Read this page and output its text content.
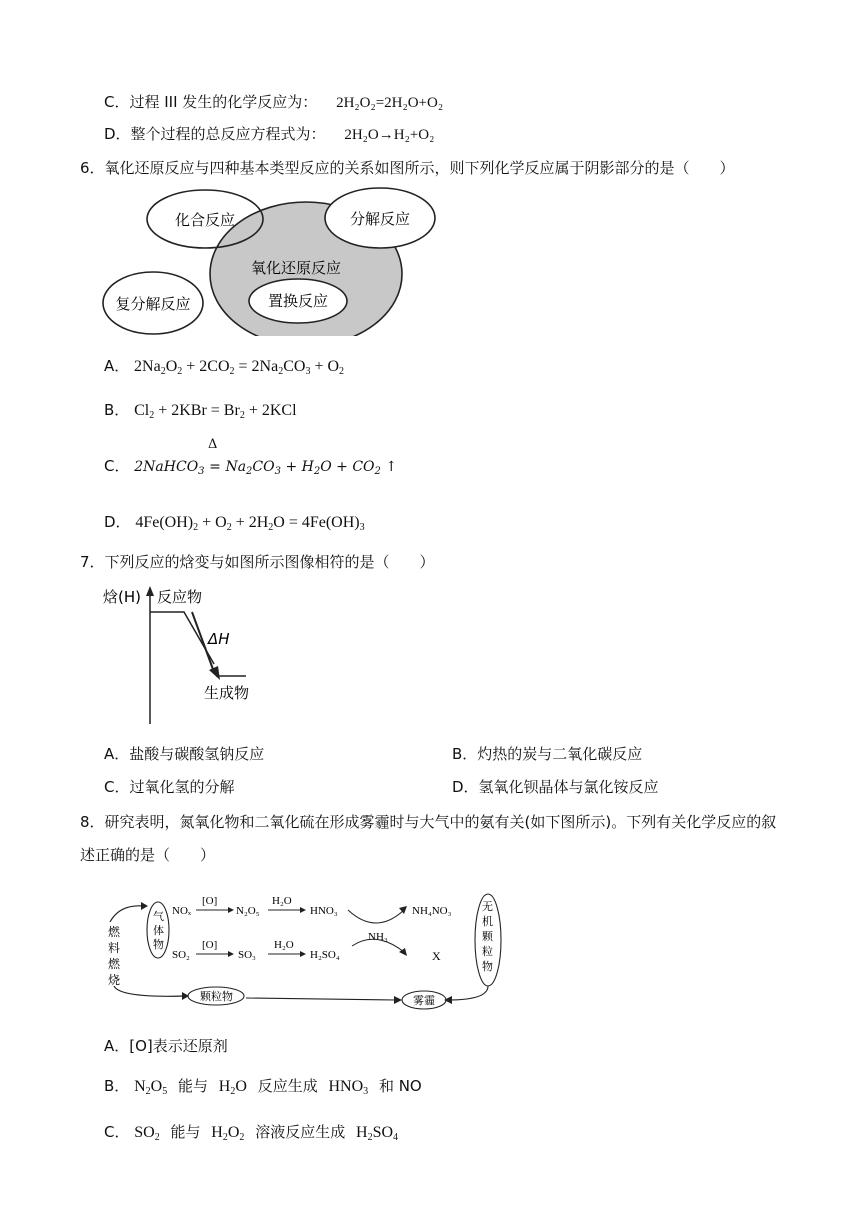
C．过程 III 发生的化学反应为： 2H₂O₂=2H₂O+O₂
D．整个过程的总反应方程式为： 2H₂O→H₂+O₂
6．氧化还原反应与四种基本类型反应的关系如图所示，则下列化学反应属于阴影部分的是（　　）
化合反应	分解反应
氧化还原反应
复分解反应	置换反应
A． $2Na_2O_2 + 2CO_2 = 2Na_2CO_3 + O_2$
B． $Cl_2 + 2KBr = Br_2 + 2KCl$
C． 2NaHCO$_3$
Δ
= $Na_2CO_3 + H_2O + CO_2$ ↑
D． $4Fe(OH)_2 + O_2 + 2H_2O = 4Fe(OH)_3$
7．下列反应的焓变与如图所示图像相符的是（　　）
焓(H) 反应物
ΔH
生成物
A．盐酸与碳酸氢钠反应	B．灼热的炭与二氧化碳反应
C．过氧化氢的分解	D．氢氧化钡晶体与氯化铵反应
8．研究表明，氮氧化物和二氧化硫在形成雾霾时与大气中的氨有关(如下图所示)。下列有关化学反应的叙
述正确的是（　　）
燃
料
燃
烧
气
体
物
NOₓ
[O]
N₂O₅
H₂O
HNO₃	NH₄NO₃
NH₃
SO₂
[O]
SO₃
H₂O
H₂SO₄	X
无
机
颗
粒
物
颗粒物	雾霾
A．[O]表示还原剂
B． $N_2O_5$ 能与 $H_2O$ 反应生成 $HNO_3$ 和 NO
C． $SO_2$ 能与 $H_2O_2$ 溶液反应生成 $H_2SO_4$
